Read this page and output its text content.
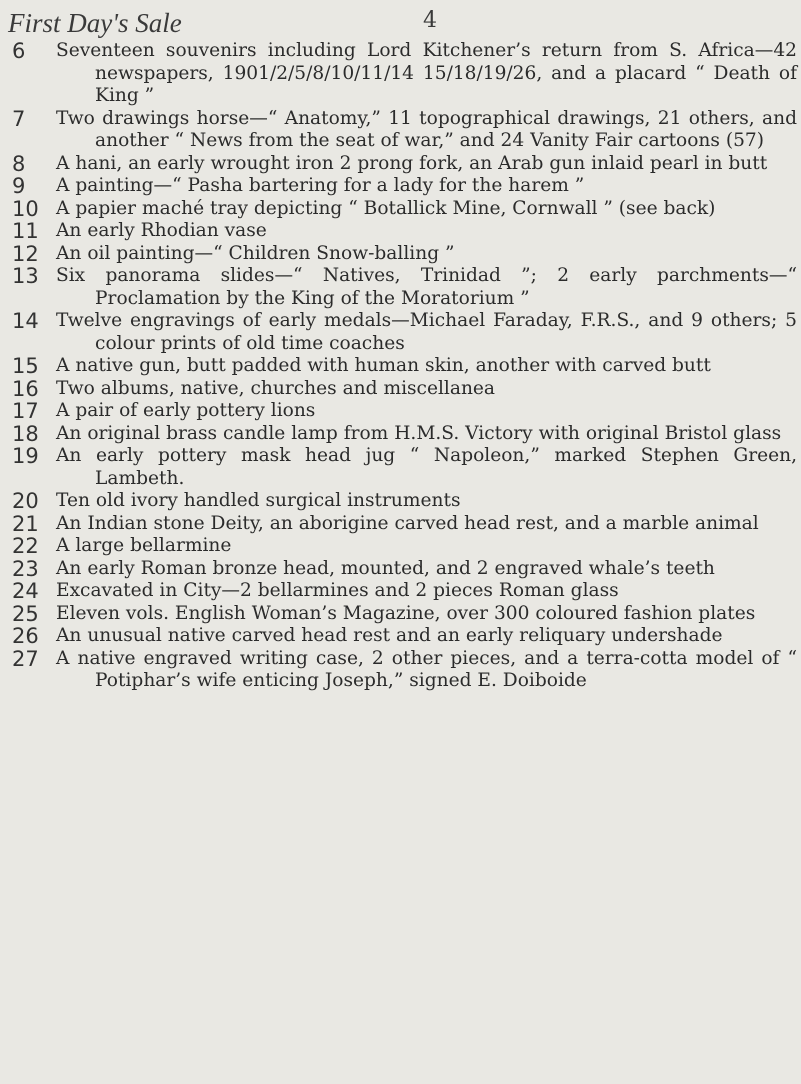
First Day's Sale	4
6	Seventeen souvenirs including Lord Kitchener’s return from S. Africa—42 newspapers, 1901/2/5/8/10/11/14 15/18/19/26, and a placard “ Death of King ”
7	Two drawings horse—“ Anatomy,” 11 topographical drawings, 21 others, and another “ News from the seat of war,” and 24 Vanity Fair cartoons (57)
8	A hani, an early wrought iron 2 prong fork, an Arab gun inlaid pearl in butt
9	A painting—“ Pasha bartering for a lady for the harem ”
10 A papier maché tray depicting “ Botallick Mine, Cornwall ” (see back)
11 An early Rhodian vase
12 An oil painting—“ Children Snow-balling ”
13 Six panorama slides—“ Natives, Trinidad ”; 2 early parchments—“ Proclamation by the King of the Moratorium ”
14 Twelve engravings of early medals—Michael Faraday, F.R.S., and 9 others; 5 colour prints of old time coaches
15 A native gun, butt padded with human skin, another with carved butt
16 Two albums, native, churches and miscellanea
17 A pair of early pottery lions
18 An original brass candle lamp from H.M.S. Victory with original Bristol glass
19 An early pottery mask head jug “ Napoleon,” marked Stephen Green, Lambeth.
20 Ten old ivory handled surgical instruments
21 An Indian stone Deity, an aborigine carved head rest, and a marble animal
22 A large bellarmine
23 An early Roman bronze head, mounted, and 2 engraved whale’s teeth
24 Excavated in City—2 bellarmines and 2 pieces Roman glass
25 Eleven vols. English Woman’s Magazine, over 300 coloured fashion plates
26 An unusual native carved head rest and an early reliquary undershade
27 A native engraved writing case, 2 other pieces, and a terra-cotta model of “ Potiphar’s wife enticing Joseph,” signed E. Doiboide
